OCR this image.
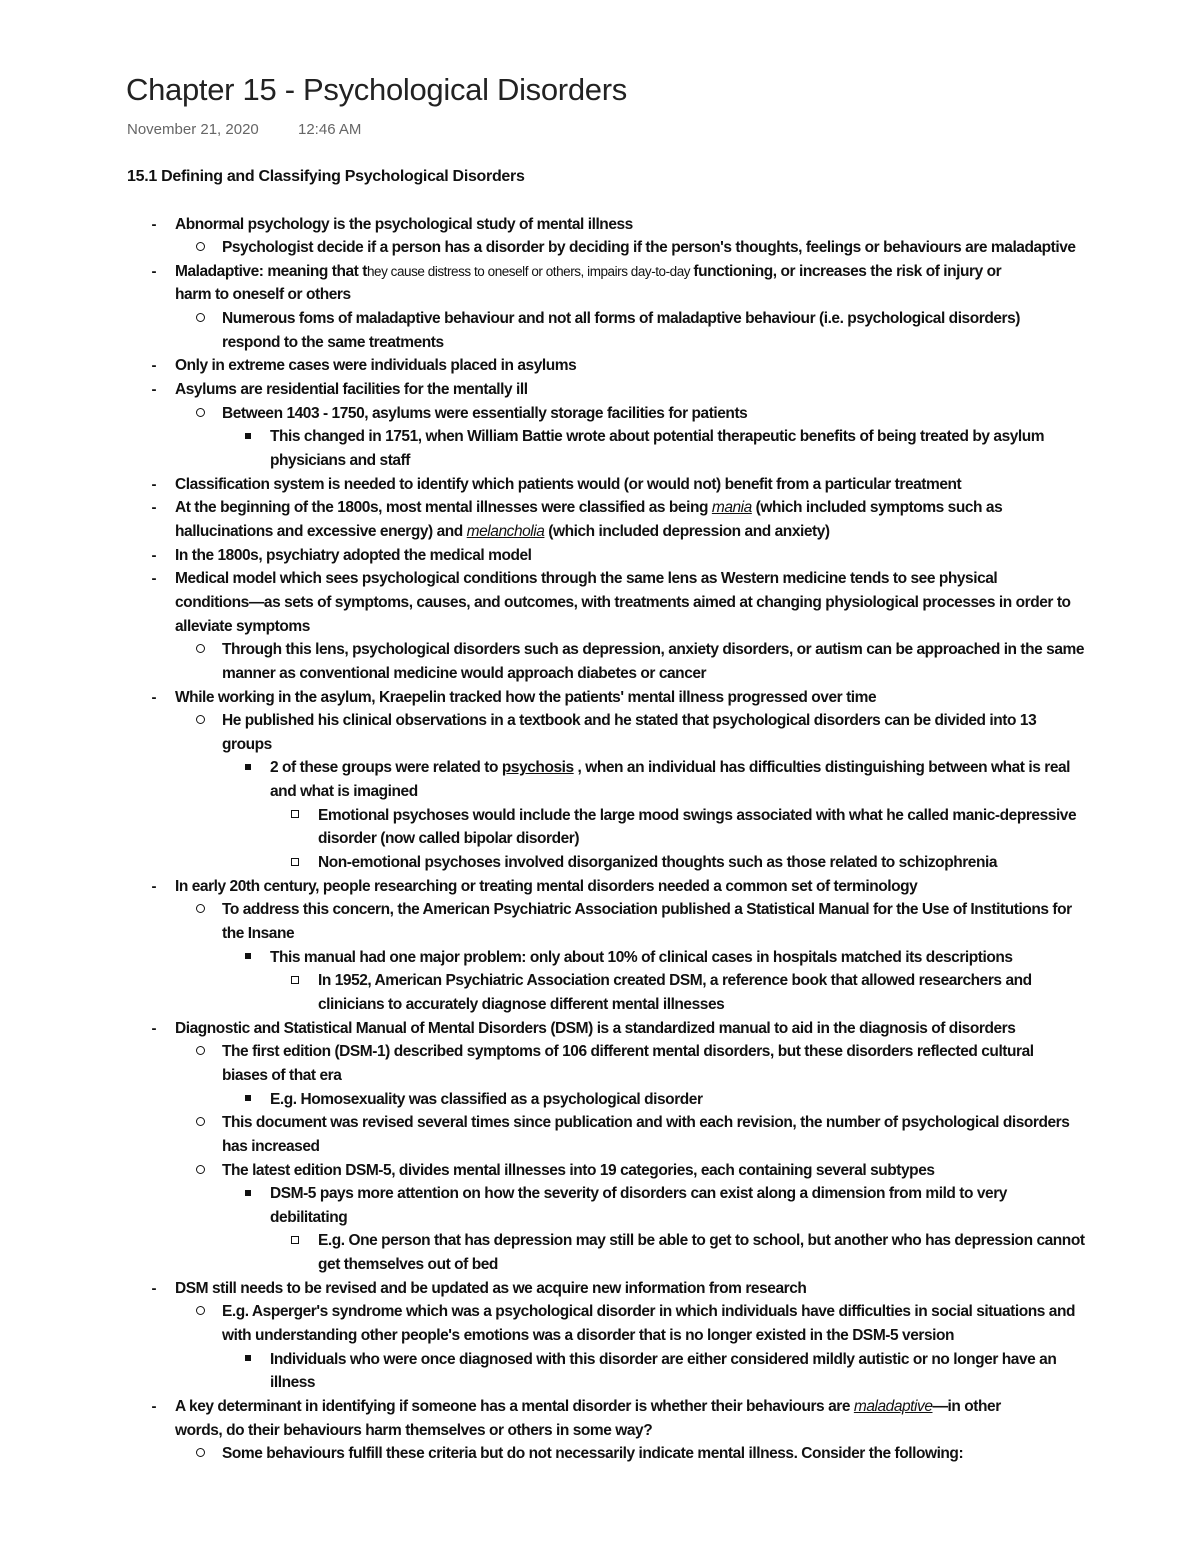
Chapter 15 - Psychological Disorders
November 21, 2020	12:46 AM
15.1 Defining and Classifying Psychological Disorders
- Abnormal psychology is the psychological study of mental illness
Psychologist decide if a person has a disorder by deciding if the person's thoughts, feelings or behaviours are maladaptive
- Maladaptive: meaning that they cause distress to oneself or others, impairs day-to-day functioning, or increases the risk of injury or
harm to oneself or others
Numerous foms of maladaptive behaviour and not all forms of maladaptive behaviour (i.e. psychological disorders)
respond to the same treatments
- Only in extreme cases were individuals placed in asylums
- Asylums are residential facilities for the mentally ill
Between 1403 - 1750, asylums were essentially storage facilities for patients
This changed in 1751, when William Battie wrote about potential therapeutic benefits of being treated by asylum
physicians and staff
- Classification system is needed to identify which patients would (or would not) benefit from a particular treatment
- At the beginning of the 1800s, most mental illnesses were classified as being mania (which included symptoms such as
hallucinations and excessive energy) and melancholia (which included depression and anxiety)
- In the 1800s, psychiatry adopted the medical model
- Medical model which sees psychological conditions through the same lens as Western medicine tends to see physical
conditions—as sets of symptoms, causes, and outcomes, with treatments aimed at changing physiological processes in order to
alleviate symptoms
Through this lens, psychological disorders such as depression, anxiety disorders, or autism can be approached in the same
manner as conventional medicine would approach diabetes or cancer
- While working in the asylum, Kraepelin tracked how the patients' mental illness progressed over time
He published his clinical observations in a textbook and he stated that psychological disorders can be divided into 13
groups
2 of these groups were related to psychosis , when an individual has difficulties distinguishing between what is real
and what is imagined
Emotional psychoses would include the large mood swings associated with what he called manic-depressive
disorder (now called bipolar disorder)
Non-emotional psychoses involved disorganized thoughts such as those related to schizophrenia
- In early 20th century, people researching or treating mental disorders needed a common set of terminology
To address this concern, the American Psychiatric Association published a Statistical Manual for the Use of Institutions for
the Insane
This manual had one major problem: only about 10% of clinical cases in hospitals matched its descriptions
In 1952, American Psychiatric Association created DSM, a reference book that allowed researchers and
clinicians to accurately diagnose different mental illnesses
- Diagnostic and Statistical Manual of Mental Disorders (DSM) is a standardized manual to aid in the diagnosis of disorders
The first edition (DSM-1) described symptoms of 106 different mental disorders, but these disorders reflected cultural
biases of that era
E.g. Homosexuality was classified as a psychological disorder
This document was revised several times since publication and with each revision, the number of psychological disorders
has increased
The latest edition DSM-5, divides mental illnesses into 19 categories, each containing several subtypes
DSM-5 pays more attention on how the severity of disorders can exist along a dimension from mild to very
debilitating
E.g. One person that has depression may still be able to get to school, but another who has depression cannot
get themselves out of bed
- DSM still needs to be revised and be updated as we acquire new information from research
E.g. Asperger's syndrome which was a psychological disorder in which individuals have difficulties in social situations and
with understanding other people's emotions was a disorder that is no longer existed in the DSM-5 version
Individuals who were once diagnosed with this disorder are either considered mildly autistic or no longer have an
illness
- A key determinant in identifying if someone has a mental disorder is whether their behaviours are maladaptive—in other
words, do their behaviours harm themselves or others in some way?
Some behaviours fulfill these criteria but do not necessarily indicate mental illness. Consider the following:
